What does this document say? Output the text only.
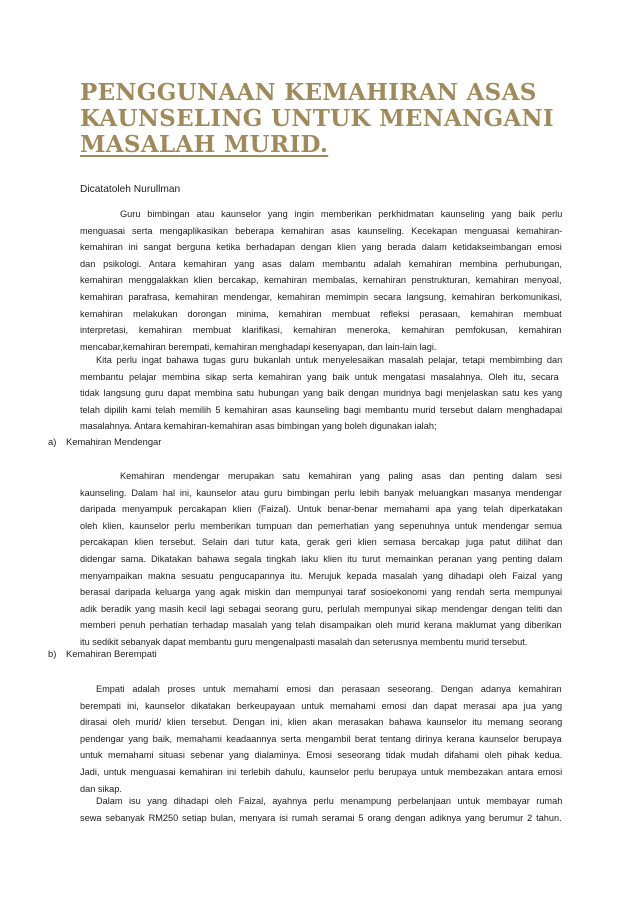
PENGGUNAAN KEMAHIRAN ASAS
KAUNSELING UNTUK MENANGANI
MASALAH MURID.

Dicatatoleh Nurullman

Guru bimbingan atau kaunselor yang ingin memberikan perkhidmatan kaunseling yang baik perlu
menguasai serta mengaplikasikan beberapa kemahiran asas kaunseling. Kecekapan menguasai kemahiran-
kemahiran ini sangat berguna ketika berhadapan dengan klien yang berada dalam ketidakseimbangan emosi
dan psikologi. Antara kemahiran yang asas dalam membantu adalah kemahiran membina perhubungan,
kemahiran menggalakkan klien bercakap, kemahiran membalas, kemahiran penstrukturan, kemahiran menyoal,
kemahiran parafrasa, kemahiran mendengar, kemahiran memimpin secara langsung, kemahiran berkomunikasi,
kemahiran melakukan dorongan minima, kemahiran membuat refleksi perasaan, kemahiran membuat
interpretasi, kemahiran membuat klarifikasi, kemahiran meneroka, kemahiran pemfokusan, kemahiran
mencabar,kemahiran berempati, kemahiran menghadapi kesenyapan, dan lain-lain lagi.
Kita perlu ingat bahawa tugas guru bukanlah untuk menyelesaikan masalah pelajar, tetapi membimbing dan
membantu pelajar membina sikap serta kemahiran yang baik untuk mengatasi masalahnya. Oleh itu, secara
tidak langsung guru dapat membina satu hubungan yang baik dengan muridnya bagi menjelaskan satu kes yang
telah dipilih kami telah memilih 5 kemahiran asas kaunseling bagi membantu murid tersebut dalam menghadapai
masalahnya. Antara kemahiran-kemahiran asas bimbingan yang boleh digunakan ialah;

a) Kemahiran Mendengar

Kemahiran mendengar merupakan satu kemahiran yang paling asas dan penting dalam sesi
kaunseling. Dalam hal ini, kaunselor atau guru bimbingan perlu lebih banyak meluangkan masanya mendengar
daripada menyampuk percakapan klien (Faizal). Untuk benar-benar memahami apa yang telah diperkatakan
oleh klien, kaunselor perlu memberikan tumpuan dan pemerhatian yang sepenuhnya untuk mendengar semua
percakapan klien tersebut. Selain dari tutur kata, gerak geri klien semasa bercakap juga patut dilihat dan
didengar sama. Dikatakan bahawa segala tingkah laku klien itu turut memainkan peranan yang penting dalam
menyampaikan makna sesuatu pengucapannya itu. Merujuk kepada masalah yang dihadapi oleh Faizal yang
berasal daripada keluarga yang agak miskin dan mempunyai taraf sosioekonomi yang rendah serta mempunyai
adik beradik yang masih kecil lagi sebagai seorang guru, perlulah mempunyai sikap mendengar dengan teliti dan
memberi penuh perhatian terhadap masalah yang telah disampaikan oleh murid kerana maklumat yang diberikan
itu sedikit sebanyak dapat membantu guru mengenalpasti masalah dan seterusnya membentu murid tersebut.

b) Kemahiran Berempati

Empati adalah proses untuk memahami emosi dan perasaan seseorang. Dengan adanya kemahiran
berempati ini, kaunselor dikatakan berkeupayaan untuk memahami emosi dan dapat merasai apa jua yang
dirasai oleh murid/ klien tersebut. Dengan ini, klien akan merasakan bahawa kaunselor itu memang seorang
pendengar yang baik, memahami keadaannya serta mengambil berat tentang dirinya kerana kaunselor berupaya
untuk memahami situasi sebenar yang dialaminya. Emosi seseorang tidak mudah difahami oleh pihak kedua.
Jadi, untuk menguasai kemahiran ini terlebih dahulu, kaunselor perlu berupaya untuk membezakan antara emosi
dan sikap.
Dalam isu yang dihadapi oleh Faizal, ayahnya perlu menampung perbelanjaan untuk membayar rumah
sewa sebanyak RM250 setiap bulan, menyara isi rumah seramai 5 orang dengan adiknya yang berumur 2 tahun.
